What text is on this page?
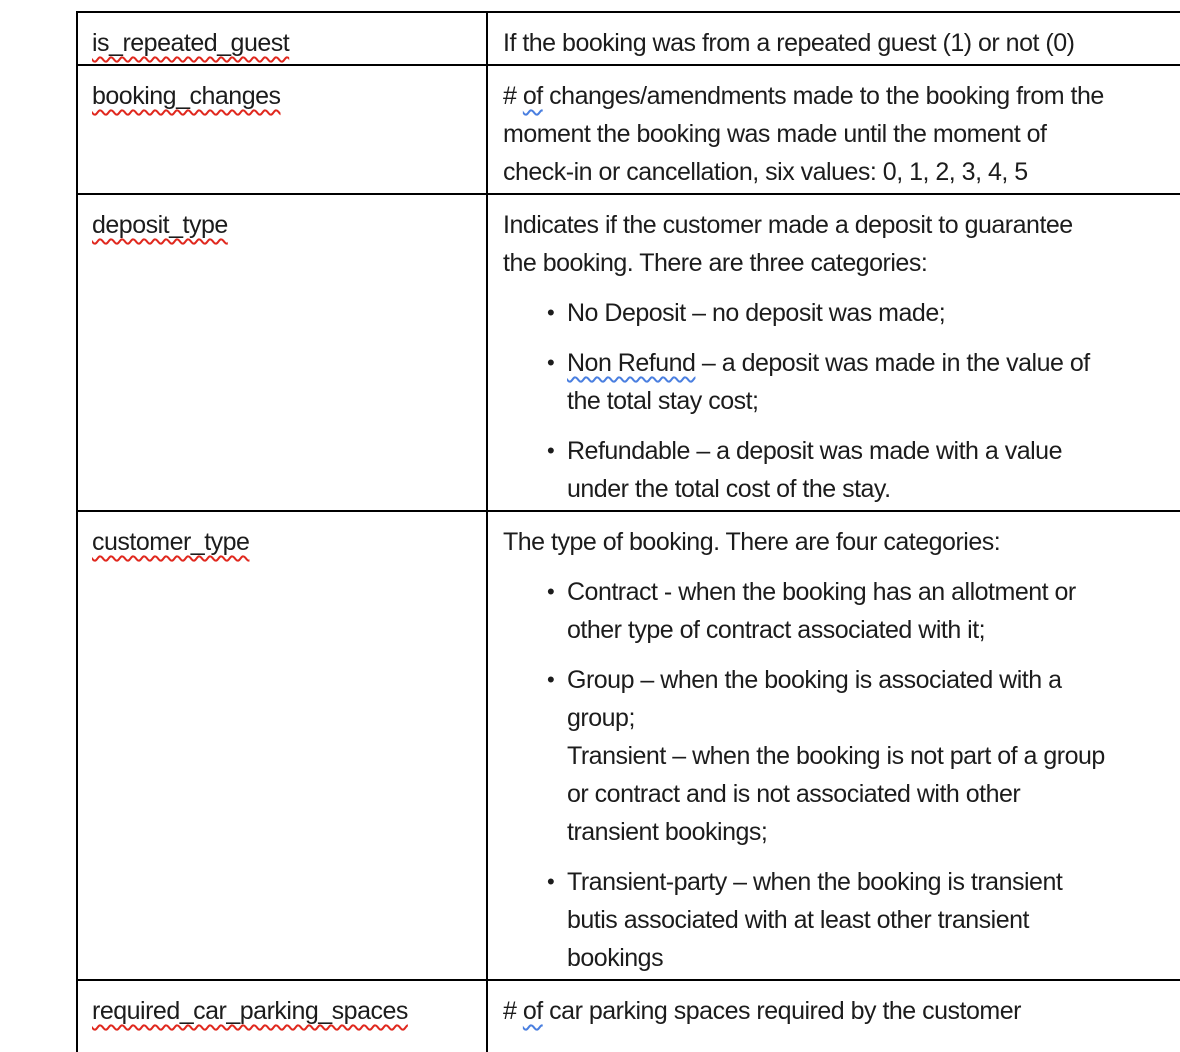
is_repeated_guest	If the booking was from a repeated guest (1) or not (0)

booking_changes	# of changes/amendments made to the booking from the
moment the booking was made until the moment of
check-in or cancellation, six values: 0, 1, 2, 3, 4, 5

deposit_type	Indicates if the customer made a deposit to guarantee
the booking. There are three categories:
• No Deposit – no deposit was made;
• Non Refund – a deposit was made in the value of
the total stay cost;
• Refundable – a deposit was made with a value
under the total cost of the stay.

customer_type	The type of booking. There are four categories:
• Contract - when the booking has an allotment or
other type of contract associated with it;
• Group – when the booking is associated with a
group;
Transient – when the booking is not part of a group
or contract and is not associated with other
transient bookings;
• Transient-party – when the booking is transient
butis associated with at least other transient
bookings

required_car_parking_spaces	# of car parking spaces required by the customer
